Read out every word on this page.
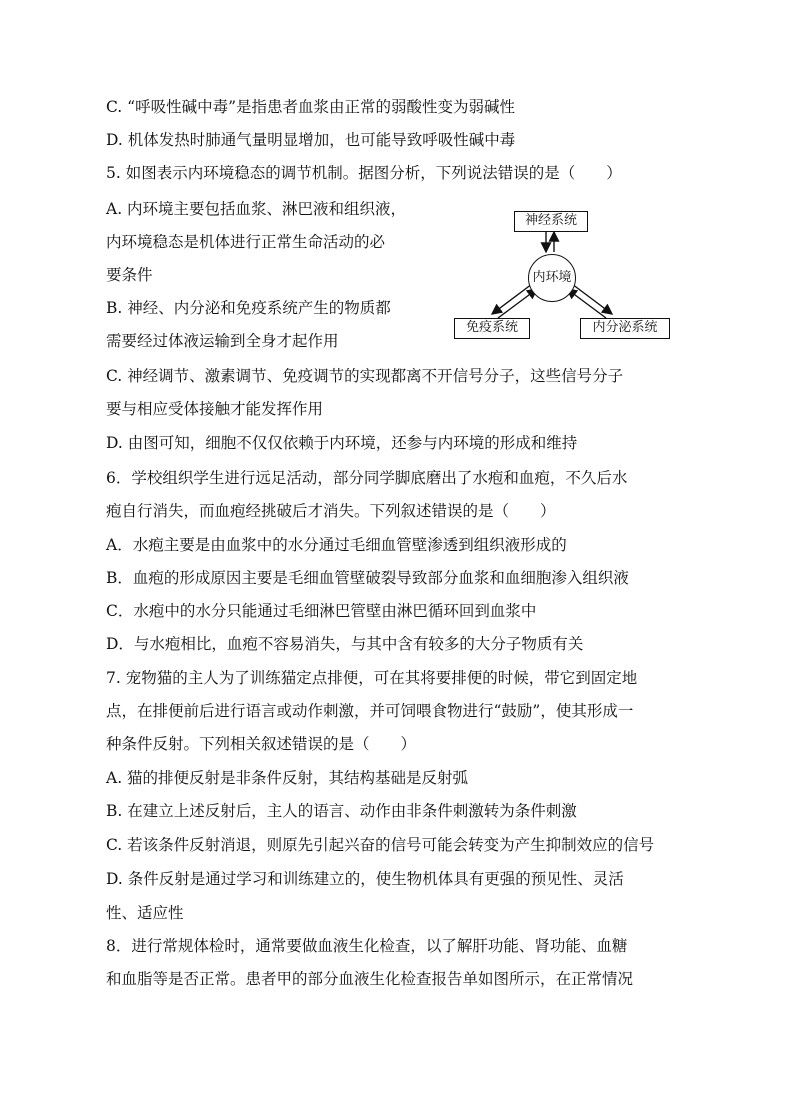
C. “呼吸性碱中毒”是指患者血浆由正常的弱酸性变为弱碱性
D. 机体发热时肺通气量明显增加，也可能导致呼吸性碱中毒
5. 如图表示内环境稳态的调节机制。据图分析，下列说法错误的是（　　）
A. 内环境主要包括血浆、淋巴液和组织液，
内环境稳态是机体进行正常生命活动的必
要条件
B. 神经、内分泌和免疫系统产生的物质都
需要经过体液运输到全身才起作用
C. 神经调节、激素调节、免疫调节的实现都离不开信号分子，这些信号分子
要与相应受体接触才能发挥作用
D. 由图可知，细胞不仅仅依赖于内环境，还参与内环境的形成和维持
6．学校组织学生进行远足活动，部分同学脚底磨出了水疱和血疱，不久后水
疱自行消失，而血疱经挑破后才消失。下列叙述错误的是（　　）
A．水疱主要是由血浆中的水分通过毛细血管壁渗透到组织液形成的
B．血疱的形成原因主要是毛细血管壁破裂导致部分血浆和血细胞渗入组织液
C．水疱中的水分只能通过毛细淋巴管壁由淋巴循环回到血浆中
D．与水疱相比，血疱不容易消失，与其中含有较多的大分子物质有关
7. 宠物猫的主人为了训练猫定点排便，可在其将要排便的时候，带它到固定地
点，在排便前后进行语言或动作刺激，并可饲喂食物进行“鼓励”，使其形成一
种条件反射。下列相关叙述错误的是（　　）
A. 猫的排便反射是非条件反射，其结构基础是反射弧
B. 在建立上述反射后，主人的语言、动作由非条件刺激转为条件刺激
C. 若该条件反射消退，则原先引起兴奋的信号可能会转变为产生抑制效应的信号
D. 条件反射是通过学习和训练建立的，使生物机体具有更强的预见性、灵活
性、适应性
8．进行常规体检时，通常要做血液生化检查，以了解肝功能、肾功能、血糖
和血脂等是否正常。患者甲的部分血液生化检查报告单如图所示，在正常情况
神经系统
内环境
免疫系统	内分泌系统
